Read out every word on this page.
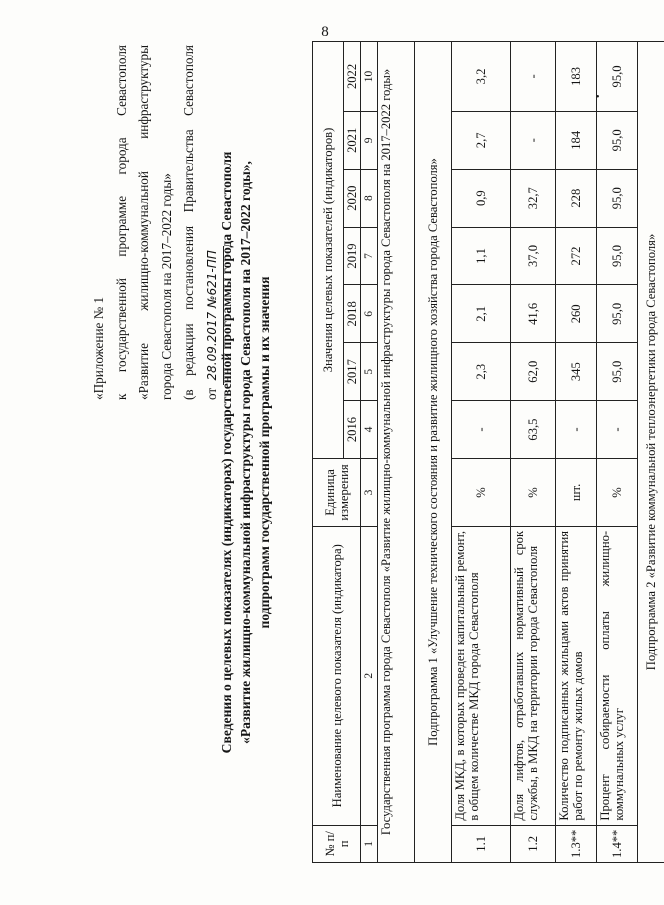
8
•
«Приложение № 1 к государственной программе города Севастополя «Развитие жилищно-коммунальной инфраструктуры города Севастополя на 2017–2022 годы» (в редакции постановления Правительства Севастополя от 28.09.2017 №621-ПП Сведения о целевых показателях (индикаторах) государственной программы города Севастополя «Развитие жилищно-коммунальной инфраструктуры города Севастополя на 2017–2022 годы», подпрограмм государственной программы и их значения
№ п/п	Наименование целевого показателя (индикатора)	Единица измерения	Значения целевых показателей (индикаторов)						
			2016	2017	2018	2019	2020	2021	2022
1	2	3	4	5	6	7	8	9	10
Государственная программа города Севастополя «Развитие жилищно-коммунальной инфраструктуры города Севастополя на 2017–2022 годы»									
Подпрограмма 1 «Улучшение технического состояния и развитие жилищного хозяйства города Севастополя»									
1.1	Доля МКД, в которых проведен капитальный ремонт, в общем количестве МКД города Севастополя	%	-	2,3	2,1	1,1	0,9	2,7	3,2
1.2	Доля лифтов, отработавших нормативный срок службы, в МКД на территории города Севастополя	%	63,5	62,0	41,6	37,0	32,7	-	-
1.3**	Количество подписанных жильцами актов принятия работ по ремонту жилых домов	шт.	-	345	260	272	228	184	183
1.4**	Процент собираемости оплаты жилищно-коммунальных услуг	%	-	95,0	95,0	95,0	95,0	95,0	95,0
Подпрограмма 2 «Развитие коммунальной теплоэнергетики города Севастополя»									
